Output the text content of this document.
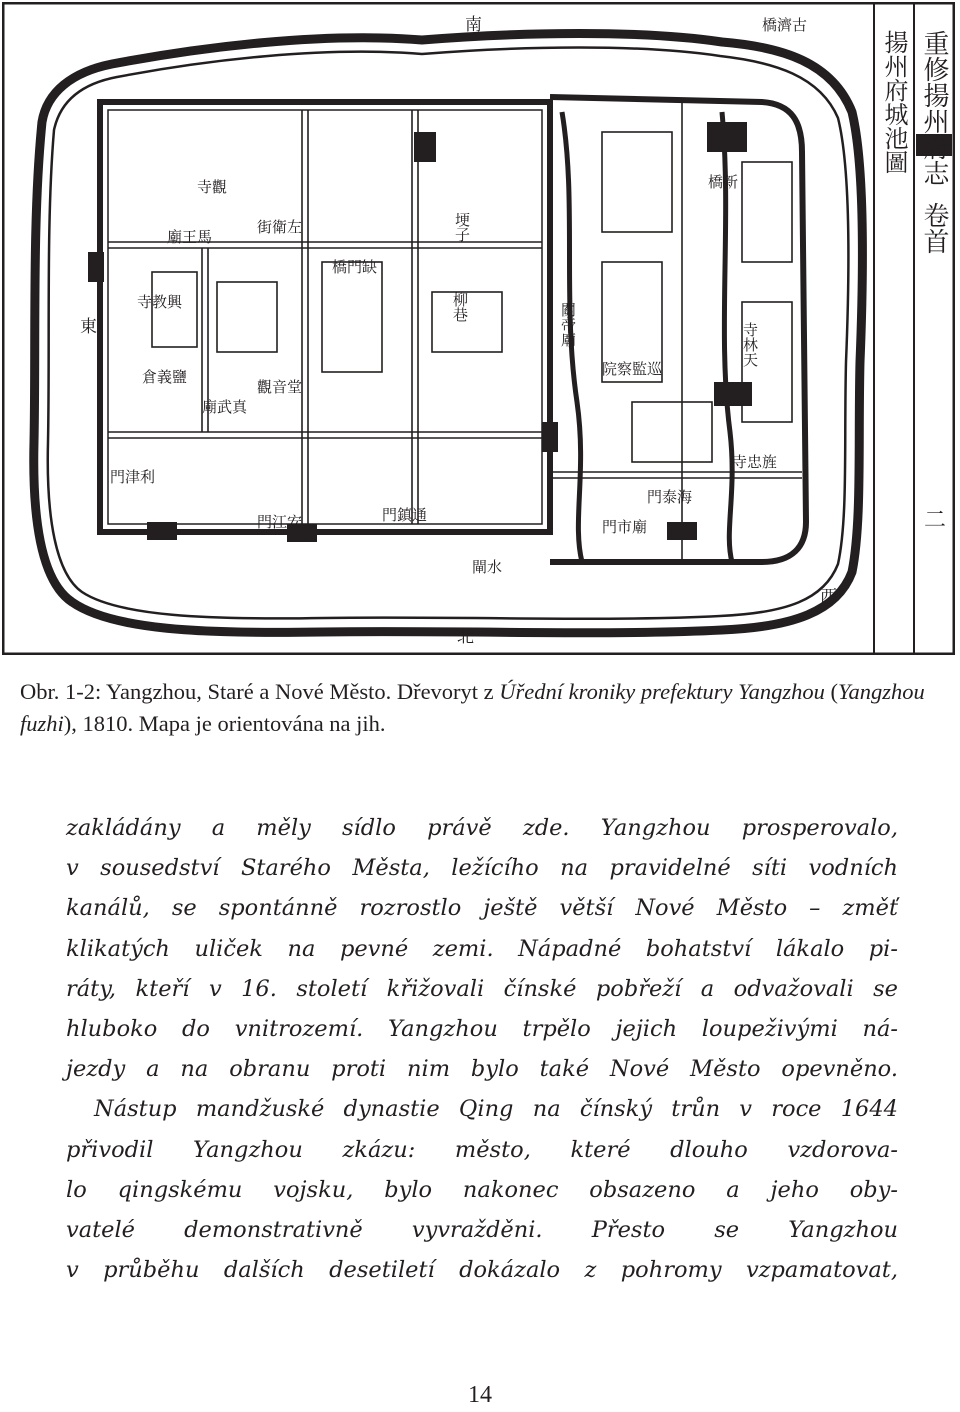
南
北
東
西
關帝廟
院察監巡
埂子
柳巷
觀音堂
倉義鹽
廟武真
門津利
門鎮通
門江安
門泰海
門市廟
閘水
街衛左
橋門缺
寺觀
廟王馬
寺教興
寺林天
橋新
寺忠旌
橋濟古
重修揚州府志
揚州府城池圖
卷首
二

Obr. 1-2: Yangzhou, Staré a Nové Město. Dřevoryt z Úřední kroniky prefektury Yangzhou (Yangzhou fuzhi), 1810. Mapa je orientována na jih.

zakládány a měly sídlo právě zde. Yangzhou prosperovalo,
v sousedství Starého Města, ležícího na pravidelné síti vodních
kanálů, se spontánně rozrostlo ještě větší Nové Město – změť
klikatých uliček na pevné zemi. Nápadné bohatství lákalo pi-
ráty, kteří v 16. století křižovali čínské pobřeží a odvažovali se
hluboko do vnitrozemí. Yangzhou trpělo jejich loupeživými ná-
jezdy a na obranu proti nim bylo také Nové Město opevněno.
Nástup mandžuské dynastie Qing na čínský trůn v roce 1644
přivodil Yangzhou zkázu: město, které dlouho vzdorova-
lo qingskému vojsku, bylo nakonec obsazeno a jeho oby-
vatelé demonstrativně vyvražděni. Přesto se Yangzhou
v průběhu dalších desetiletí dokázalo z pohromy vzpamatovat,
14
